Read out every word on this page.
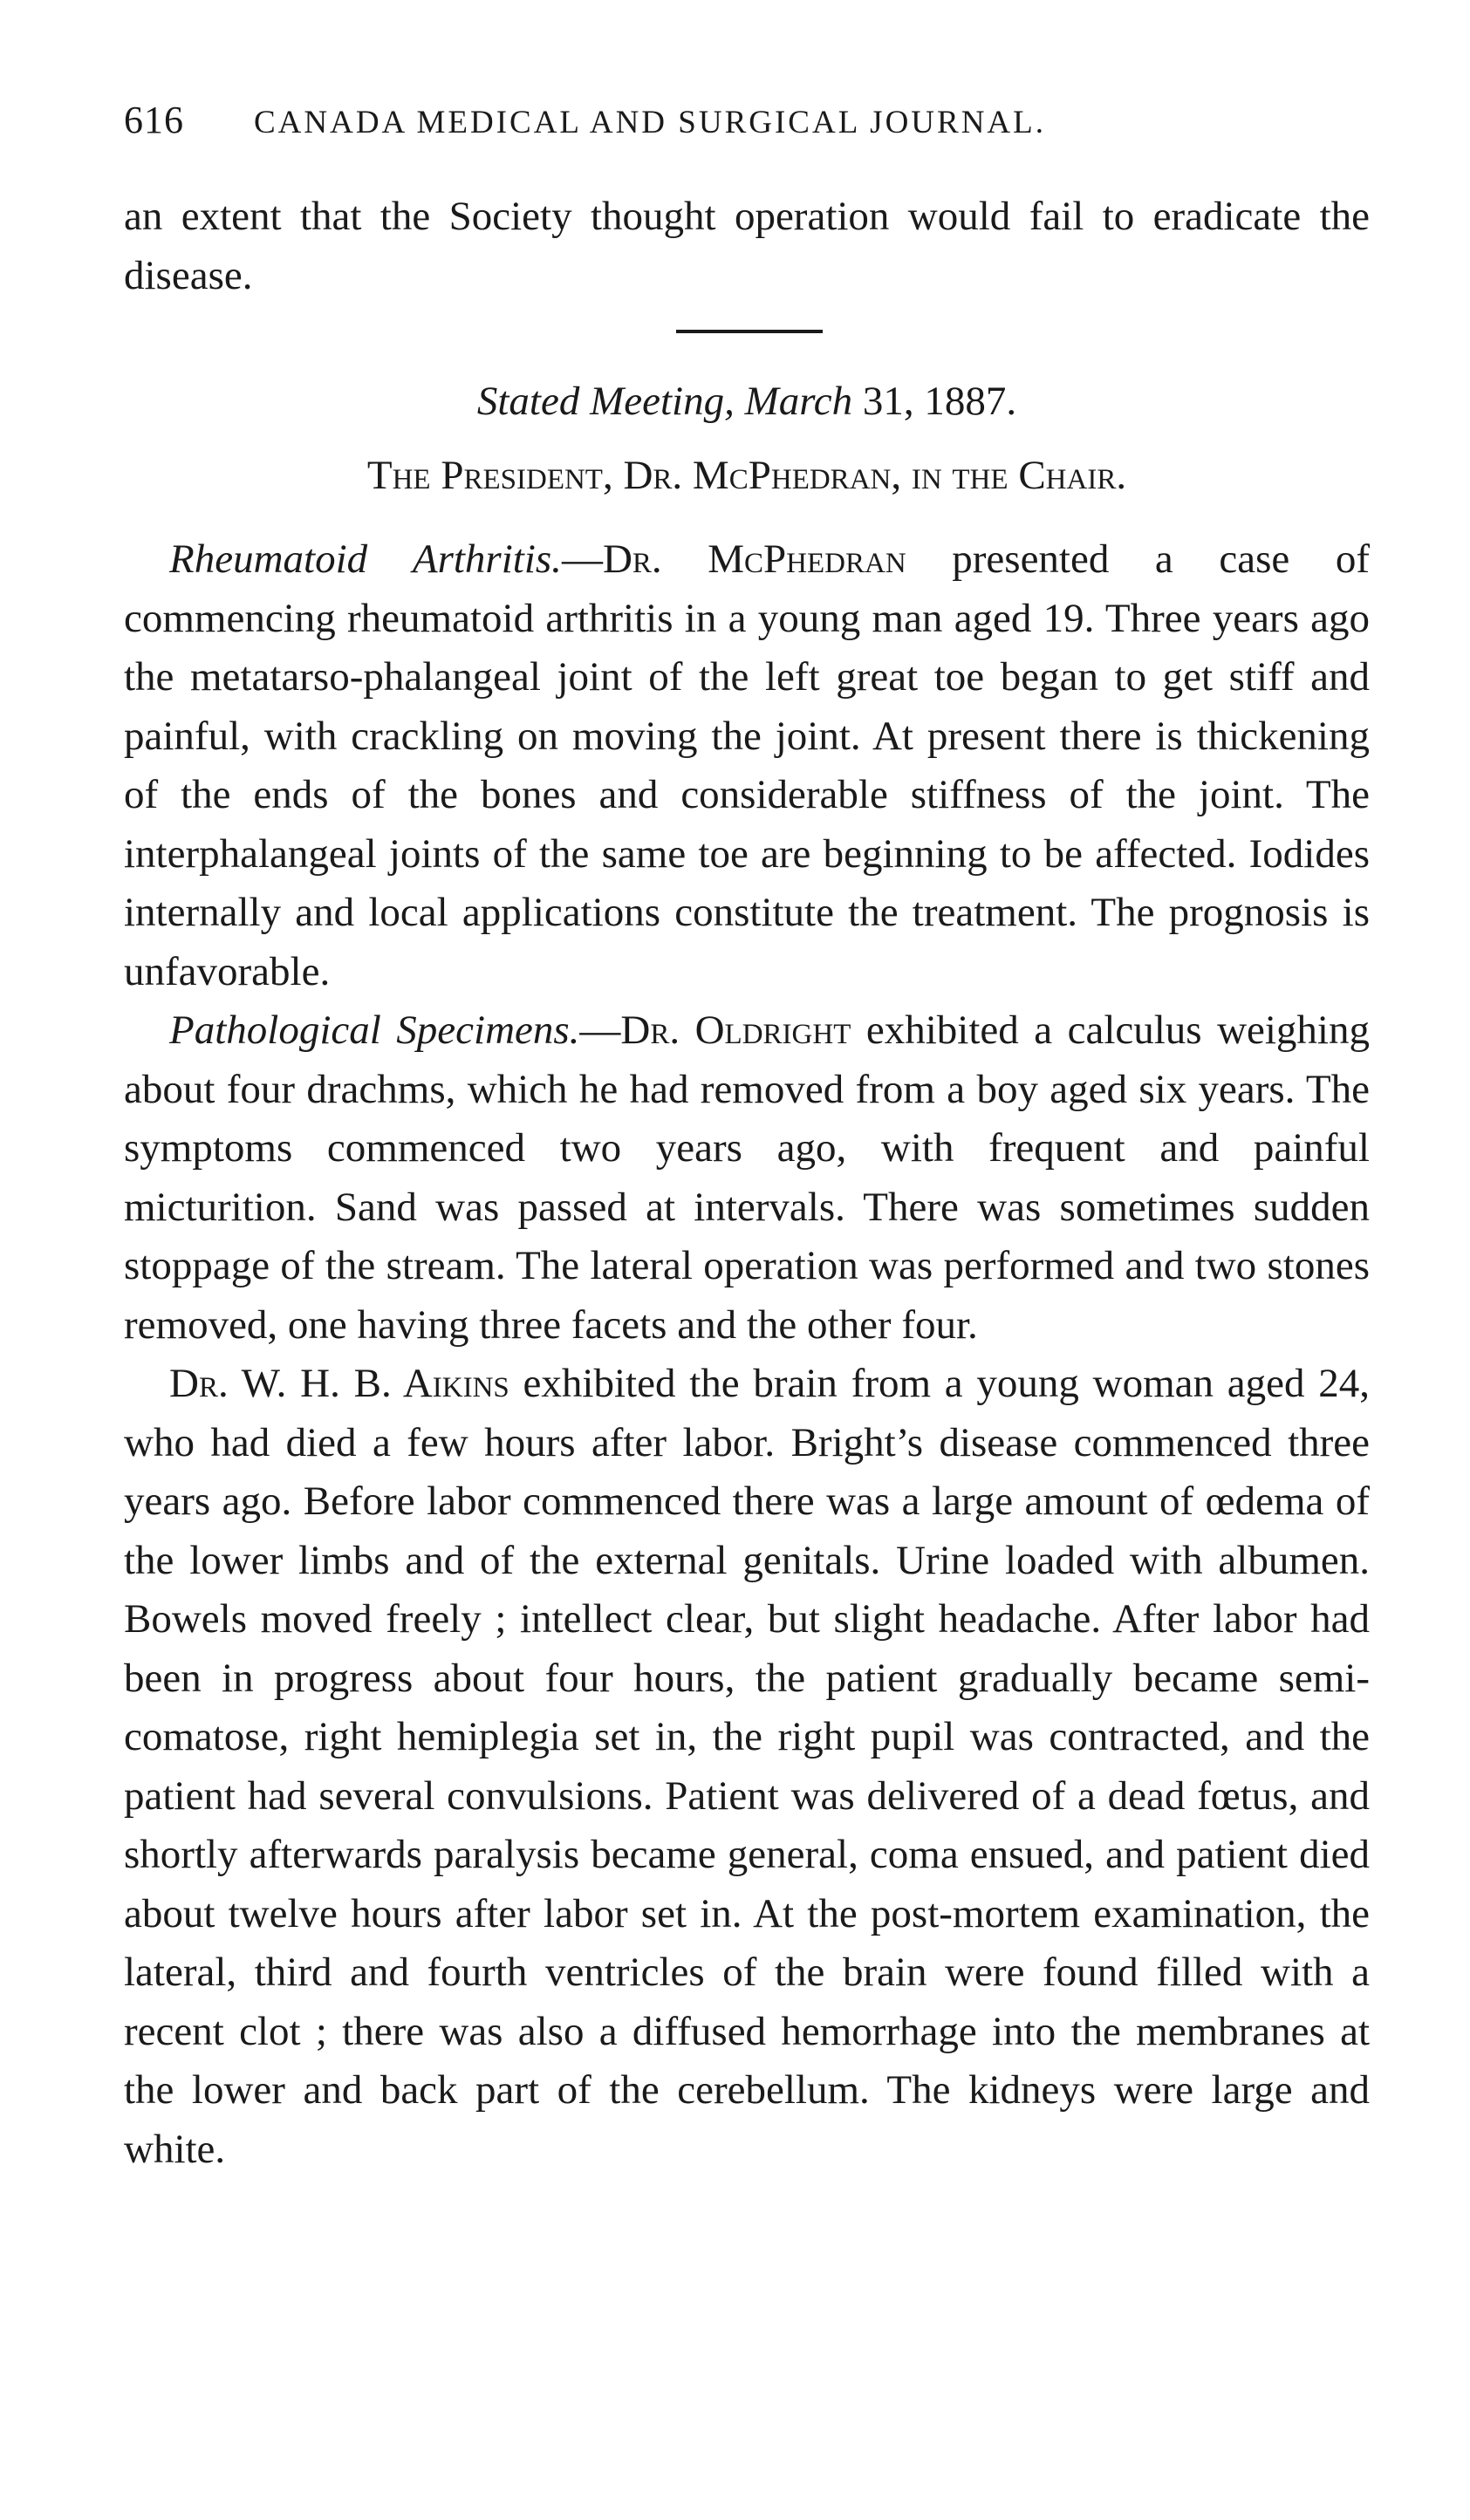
616 CANADA MEDICAL AND SURGICAL JOURNAL.

an extent that the Society thought operation would fail to eradicate the disease.

Stated Meeting, March 31, 1887.
The President, Dr. McPhedran, in the Chair.

Rheumatoid Arthritis.—Dr. McPhedran presented a case of commencing rheumatoid arthritis in a young man aged 19. Three years ago the metatarso-phalangeal joint of the left great toe began to get stiff and painful, with crackling on moving the joint. At present there is thickening of the ends of the bones and considerable stiffness of the joint. The interphalangeal joints of the same toe are beginning to be affected. Iodides internally and local applications constitute the treatment. The prognosis is unfavorable.

Pathological Specimens.—Dr. Oldright exhibited a calculus weighing about four drachms, which he had removed from a boy aged six years. The symptoms commenced two years ago, with frequent and painful micturition. Sand was passed at intervals. There was sometimes sudden stoppage of the stream. The lateral operation was performed and two stones removed, one having three facets and the other four.

Dr. W. H. B. Aikins exhibited the brain from a young woman aged 24, who had died a few hours after labor. Bright’s disease commenced three years ago. Before labor commenced there was a large amount of œdema of the lower limbs and of the external genitals. Urine loaded with albumen. Bowels moved freely ; intellect clear, but slight headache. After labor had been in progress about four hours, the patient gradually became semi-comatose, right hemiplegia set in, the right pupil was contracted, and the patient had several convulsions. Patient was delivered of a dead fœtus, and shortly afterwards paralysis became general, coma ensued, and patient died about twelve hours after labor set in. At the post-mortem examination, the lateral, third and fourth ventricles of the brain were found filled with a recent clot ; there was also a diffused hemorrhage into the membranes at the lower and back part of the cerebellum. The kidneys were large and white.
